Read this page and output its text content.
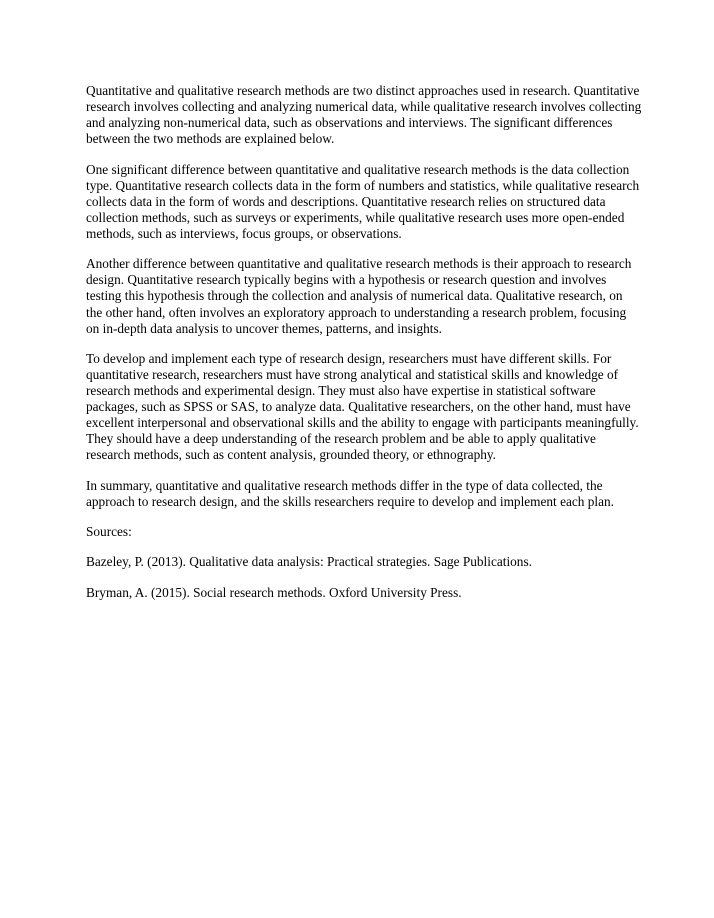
Quantitative and qualitative research methods are two distinct approaches used in research. Quantitative research involves collecting and analyzing numerical data, while qualitative research involves collecting and analyzing non-numerical data, such as observations and interviews. The significant differences between the two methods are explained below.

One significant difference between quantitative and qualitative research methods is the data collection type. Quantitative research collects data in the form of numbers and statistics, while qualitative research collects data in the form of words and descriptions. Quantitative research relies on structured data collection methods, such as surveys or experiments, while qualitative research uses more open-ended methods, such as interviews, focus groups, or observations.

Another difference between quantitative and qualitative research methods is their approach to research design. Quantitative research typically begins with a hypothesis or research question and involves testing this hypothesis through the collection and analysis of numerical data. Qualitative research, on the other hand, often involves an exploratory approach to understanding a research problem, focusing on in-depth data analysis to uncover themes, patterns, and insights.

To develop and implement each type of research design, researchers must have different skills. For quantitative research, researchers must have strong analytical and statistical skills and knowledge of research methods and experimental design. They must also have expertise in statistical software packages, such as SPSS or SAS, to analyze data. Qualitative researchers, on the other hand, must have excellent interpersonal and observational skills and the ability to engage with participants meaningfully. They should have a deep understanding of the research problem and be able to apply qualitative research methods, such as content analysis, grounded theory, or ethnography.

In summary, quantitative and qualitative research methods differ in the type of data collected, the approach to research design, and the skills researchers require to develop and implement each plan.

Sources:

Bazeley, P. (2013). Qualitative data analysis: Practical strategies. Sage Publications.

Bryman, A. (2015). Social research methods. Oxford University Press.
